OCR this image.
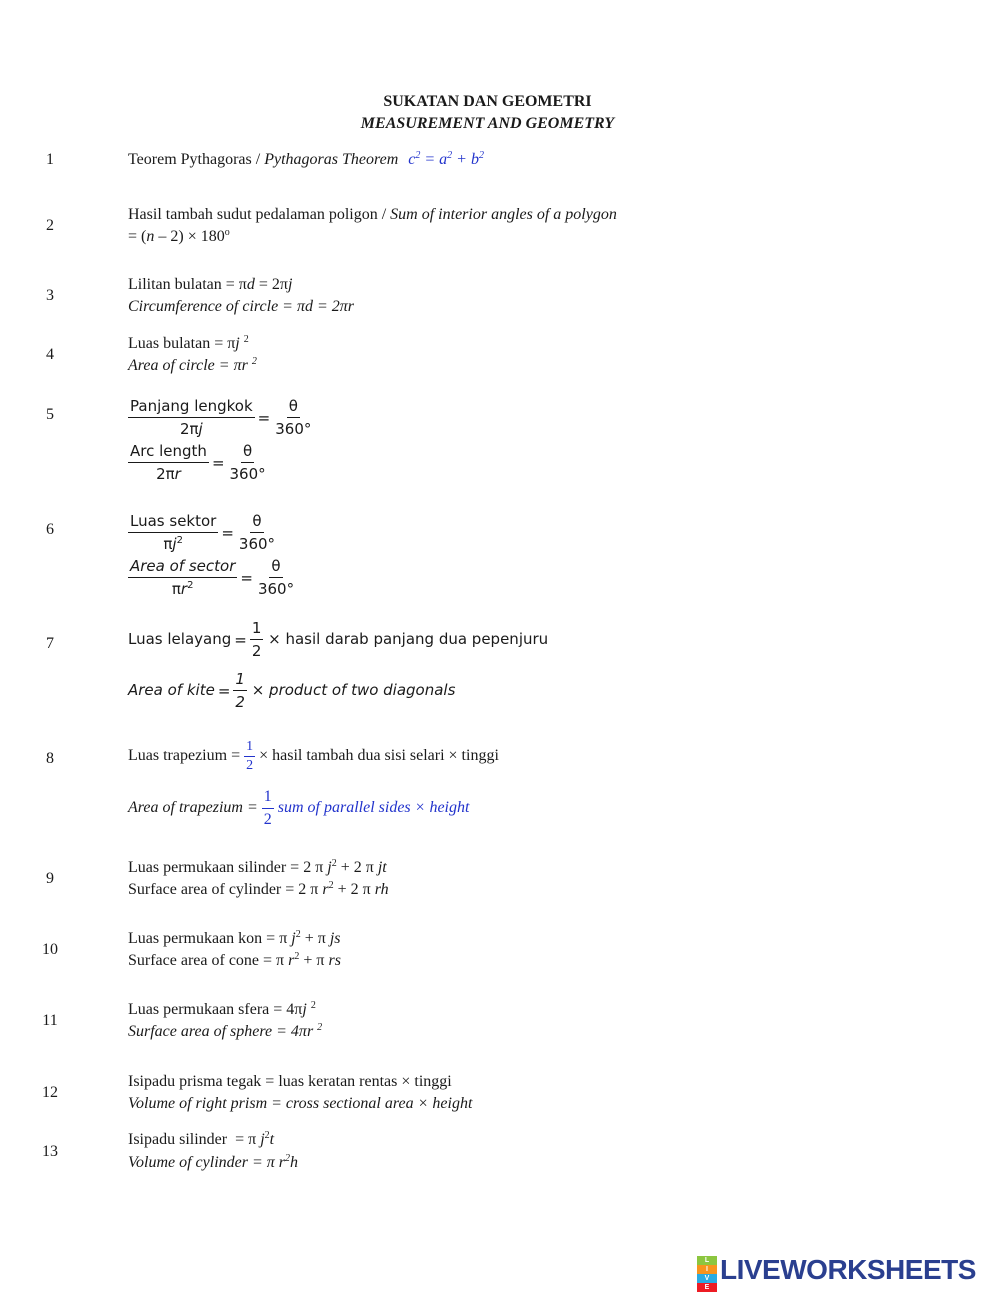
SUKATAN DAN GEOMETRI
MEASUREMENT AND GEOMETRY
1	Teorem Pythagoras / Pythagoras Theorem $c^2 = a^2 + b^2$
2
Hasil tambah sudut pedalaman poligon / Sum of interior angles of a polygon
= $(n - 2) \times 180^o$
3
Lilitan bulatan = πd = 2πj
Circumference of circle = πd = 2πr
4
Luas bulatan = πj $^2$
Area of circle = πr $^2$
5	$\frac{\text{Panjang lengkok}}{2\pi j} = \frac{\theta}{360^\circ}$
$\frac{\text{Arc length}}{2\pi r} = \frac{\theta}{360^\circ}$
6	$\frac{\text{Luas sektor}}{\pi j^2} = \frac{\theta}{360^\circ}$
$\frac{\text{Area of sector}}{\pi r^2} = \frac{\theta}{360^\circ}$
7	Luas lelayang = $\frac{1}{2}$ × hasil darab panjang dua pepenjuru
Area of kite = $\frac{1}{2}$ × product of two diagonals
8	Luas trapezium = $\frac{1}{2}$ × hasil tambah dua sisi selari × tinggi
Area of trapezium = $\frac{1}{2}$ sum of parallel sides × height
9
Luas permukaan silinder = 2 π $j^2 + 2$ π jt
Surface area of cylinder = 2 π $r^2 + 2$ π rh
10
Luas permukaan kon = π $j^2 + \pi$ js
Surface area of cone = π $r^2 + \pi$ rs
11
Luas permukaan sfera = 4πj $^2$
Surface area of sphere = 4πr $^2$
12
Isipadu prisma tegak = luas keratan rentas × tinggi
Volume of right prism = cross sectional area × height
13
Isipadu silinder  = π $j^2t$
Volume of cylinder = π $r^2h$
L
I
V
E
LIVEWORKSHEETS
